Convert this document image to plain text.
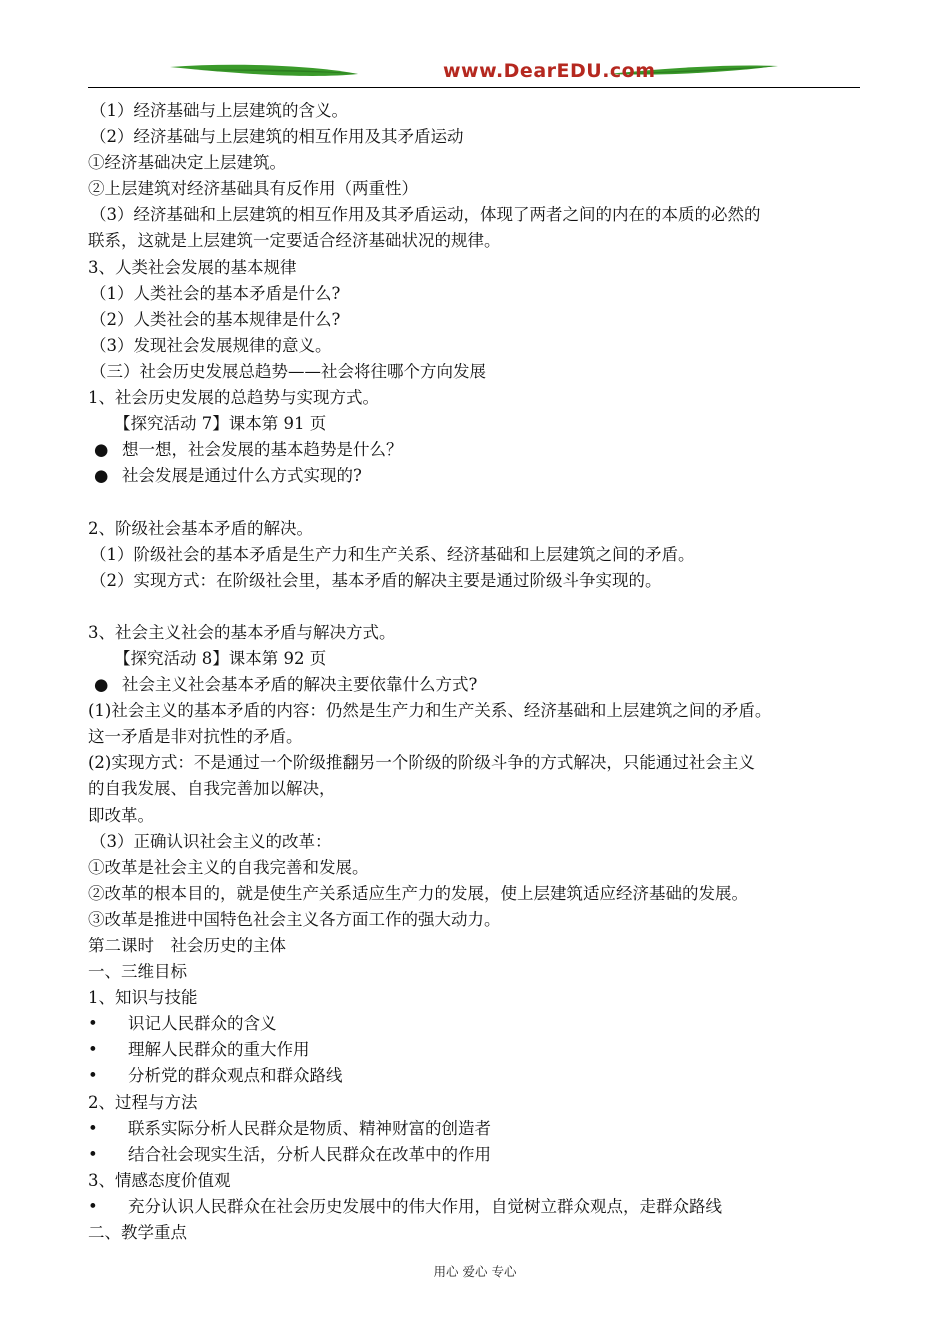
www.DearEDU.com
（1）经济基础与上层建筑的含义。
（2）经济基础与上层建筑的相互作用及其矛盾运动
①经济基础决定上层建筑。
②上层建筑对经济基础具有反作用（两重性）
（3）经济基础和上层建筑的相互作用及其矛盾运动，体现了两者之间的内在的本质的必然的
联系，这就是上层建筑一定要适合经济基础状况的规律。
3、人类社会发展的基本规律
（1）人类社会的基本矛盾是什么?
（2）人类社会的基本规律是什么?
（3）发现社会发展规律的意义。
（三）社会历史发展总趋势——社会将往哪个方向发展
1、社会历史发展的总趋势与实现方式。
【探究活动 7】课本第 91 页
● 想一想，社会发展的基本趋势是什么？
● 社会发展是通过什么方式实现的?
2、阶级社会基本矛盾的解决。
（1）阶级社会的基本矛盾是生产力和生产关系、经济基础和上层建筑之间的矛盾。
（2）实现方式：在阶级社会里，基本矛盾的解决主要是通过阶级斗争实现的。
3、社会主义社会的基本矛盾与解决方式。
【探究活动 8】课本第 92 页
● 社会主义社会基本矛盾的解决主要依靠什么方式?
(1)社会主义的基本矛盾的内容：仍然是生产力和生产关系、经济基础和上层建筑之间的矛盾。
这一矛盾是非对抗性的矛盾。
(2)实现方式：不是通过一个阶级推翻另一个阶级的阶级斗争的方式解决，只能通过社会主义
的自我发展、自我完善加以解决，
即改革。
（3）正确认识社会主义的改革：
①改革是社会主义的自我完善和发展。
②改革的根本目的，就是使生产关系适应生产力的发展，使上层建筑适应经济基础的发展。
③改革是推进中国特色社会主义各方面工作的强大动力。
第二课时　社会历史的主体
一、三维目标
1、知识与技能
• 识记人民群众的含义
• 理解人民群众的重大作用
• 分析党的群众观点和群众路线
2、过程与方法
• 联系实际分析人民群众是物质、精神财富的创造者
• 结合社会现实生活，分析人民群众在改革中的作用
3、情感态度价值观
• 充分认识人民群众在社会历史发展中的伟大作用，自觉树立群众观点，走群众路线
二、教学重点
用心 爱心 专心
